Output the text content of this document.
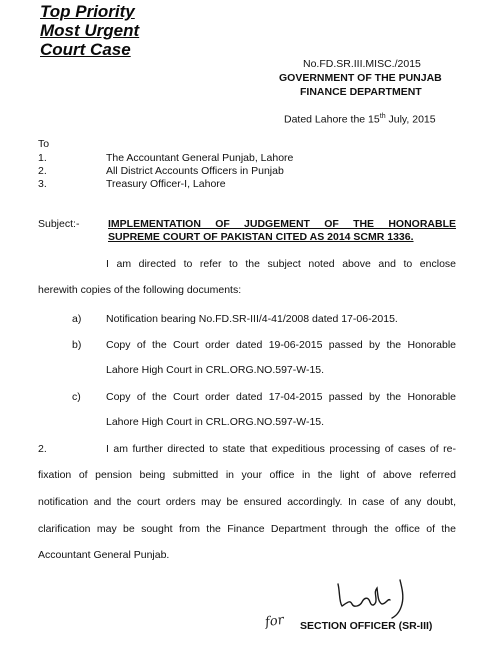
Top Priority
Most Urgent
Court Case
No.FD.SR.III.MISC./2015
GOVERNMENT OF THE PUNJAB
FINANCE DEPARTMENT
Dated Lahore the 15th July, 2015
To
1.	The Accountant General Punjab, Lahore
2.	All District Accounts Officers in Punjab
3.	Treasury Officer-I, Lahore
Subject:-	IMPLEMENTATION OF JUDGEMENT OF THE HONORABLE
SUPREME COURT OF PAKISTAN CITED AS 2014 SCMR 1336.
I am directed to refer to the subject noted above and to enclose
herewith copies of the following documents:
a) Notification bearing No.FD.SR-III/4-41/2008 dated 17-06-2015.
b) Copy of the Court order dated 19-06-2015 passed by the Honorable
Lahore High Court in CRL.ORG.NO.597-W-15.
c) Copy of the Court order dated 17-04-2015 passed by the Honorable
Lahore High Court in CRL.ORG.NO.597-W-15.
2.	I am further directed to state that expeditious processing of cases of re-
fixation of pension being submitted in your office in the light of above referred
notification and the court orders may be ensured accordingly. In case of any doubt,
clarification may be sought from the Finance Department through the office of the
Accountant General Punjab.
for SECTION OFFICER (SR-III)
